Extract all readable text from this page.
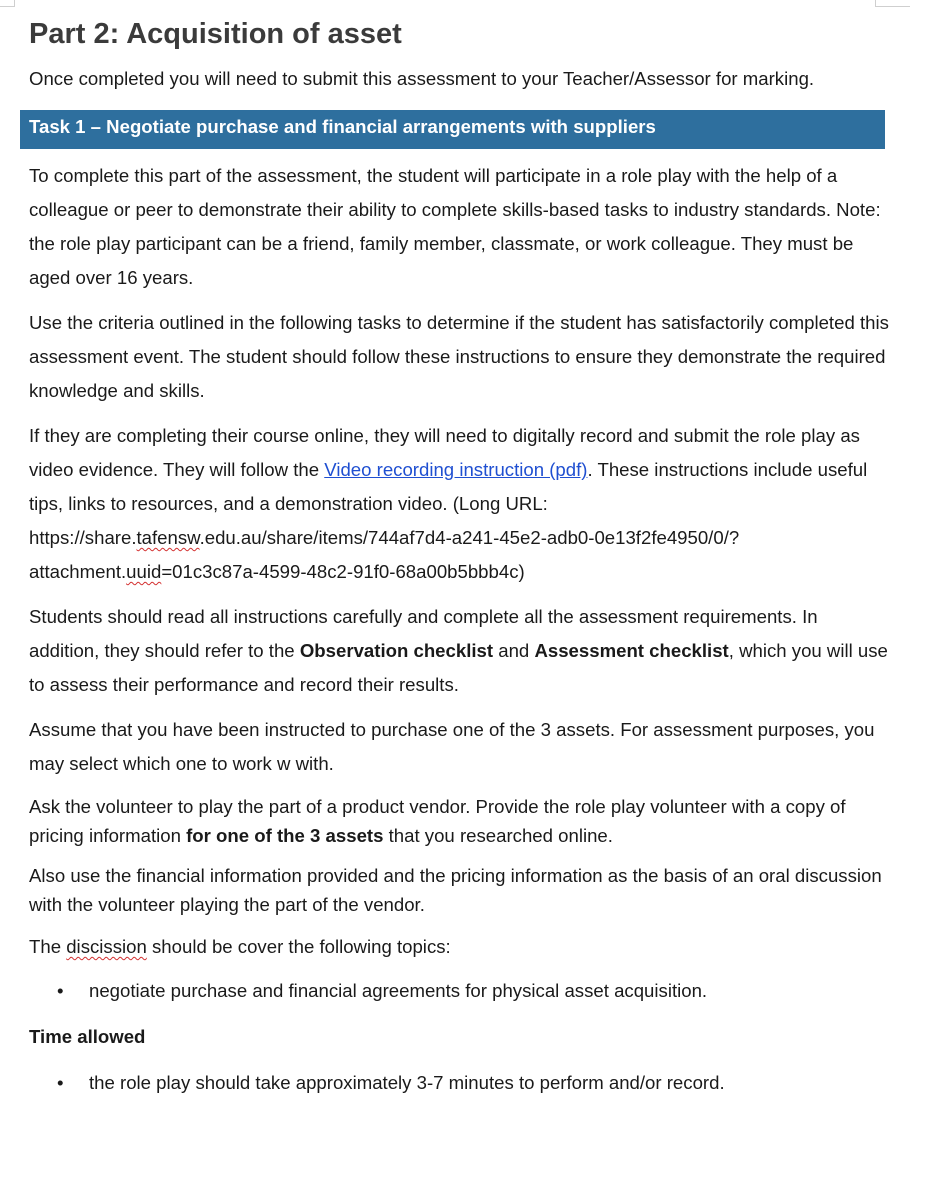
Part 2: Acquisition of asset

Once completed you will need to submit this assessment to your Teacher/Assessor for marking.

Task 1 – Negotiate purchase and financial arrangements with suppliers

To complete this part of the assessment, the student will participate in a role play with the help of a colleague or peer to demonstrate their ability to complete skills-based tasks to industry standards. Note: the role play participant can be a friend, family member, classmate, or work colleague. They must be aged over 16 years.

Use the criteria outlined in the following tasks to determine if the student has satisfactorily completed this assessment event. The student should follow these instructions to ensure they demonstrate the required knowledge and skills.

If they are completing their course online, they will need to digitally record and submit the role play as video evidence. They will follow the Video recording instruction (pdf). These instructions include useful tips, links to resources, and a demonstration video. (Long URL: https://share.tafensw.edu.au/share/items/744af7d4-a241-45e2-adb0-0e13f2fe4950/0/?attachment.uuid=01c3c87a-4599-48c2-91f0-68a00b5bbb4c)

Students should read all instructions carefully and complete all the assessment requirements. In addition, they should refer to the Observation checklist and Assessment checklist, which you will use to assess their performance and record their results.

Assume that you have been instructed to purchase one of the 3 assets. For assessment purposes, you may select which one to work w with.

Ask the volunteer to play the part of a product vendor. Provide the role play volunteer with a copy of pricing information for one of the 3 assets that you researched online.

Also use the financial information provided and the pricing information as the basis of an oral discussion with the volunteer playing the part of the vendor.

The discission should be cover the following topics:

• negotiate purchase and financial agreements for physical asset acquisition.

Time allowed

• the role play should take approximately 3-7 minutes to perform and/or record.
